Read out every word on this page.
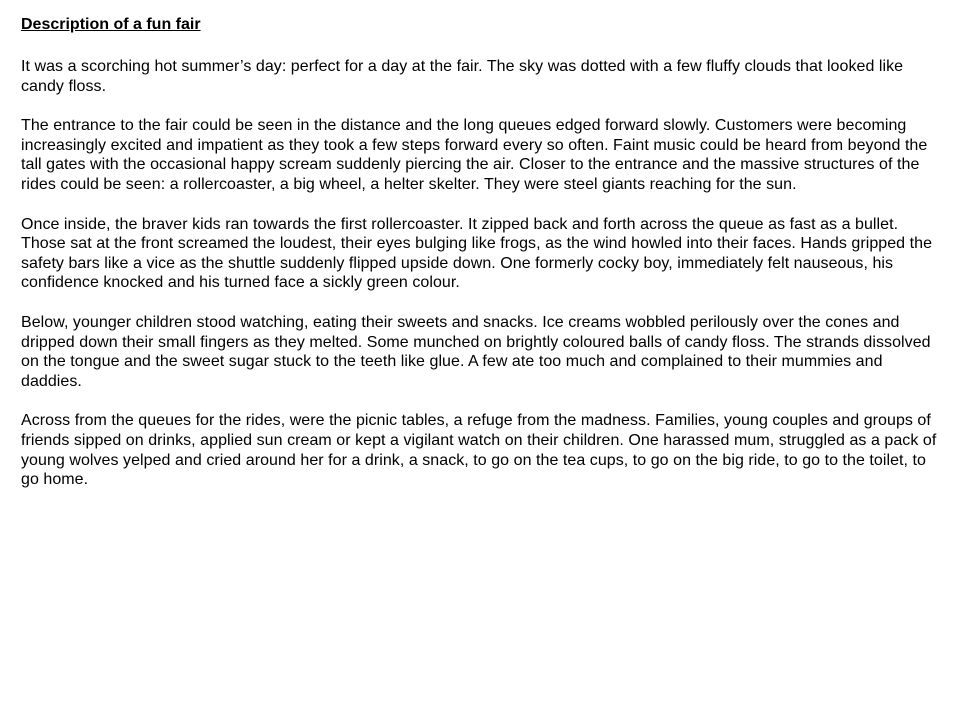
Description of a fun fair

It was a scorching hot summer’s day: perfect for a day at the fair. The sky was dotted with a few fluffy clouds that looked like candy floss.

The entrance to the fair could be seen in the distance and the long queues edged forward slowly. Customers were becoming increasingly excited and impatient as they took a few steps forward every so often. Faint music could be heard from beyond the tall gates with the occasional happy scream suddenly piercing the air. Closer to the entrance and the massive structures of the rides could be seen: a rollercoaster, a big wheel, a helter skelter. They were steel giants reaching for the sun.

Once inside, the braver kids ran towards the first rollercoaster. It zipped back and forth across the queue as fast as a bullet. Those sat at the front screamed the loudest, their eyes bulging like frogs, as the wind howled into their faces. Hands gripped the safety bars like a vice as the shuttle suddenly flipped upside down. One formerly cocky boy, immediately felt nauseous, his confidence knocked and his turned face a sickly green colour.

Below, younger children stood watching, eating their sweets and snacks. Ice creams wobbled perilously over the cones and dripped down their small fingers as they melted. Some munched on brightly coloured balls of candy floss. The strands dissolved on the tongue and the sweet sugar stuck to the teeth like glue. A few ate too much and complained to their mummies and daddies.

Across from the queues for the rides, were the picnic tables, a refuge from the madness. Families, young couples and groups of friends sipped on drinks, applied sun cream or kept a vigilant watch on their children. One harassed mum, struggled as a pack of young wolves yelped and cried around her for a drink, a snack, to go on the tea cups, to go on the big ride, to go to the toilet, to go home.
